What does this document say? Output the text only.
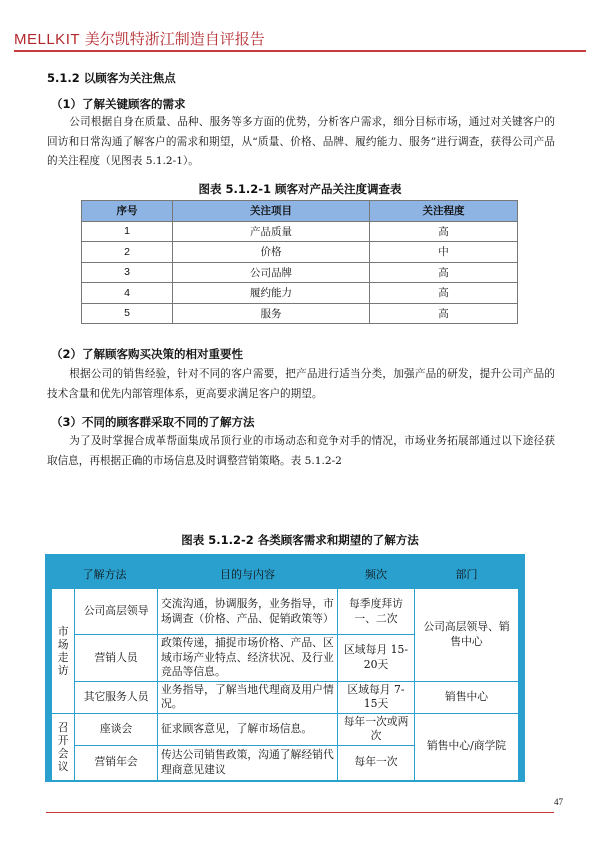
MELLKIT 美尔凯特浙江制造自评报告
5.1.2 以顾客为关注焦点
（1）了解关键顾客的需求
公司根据自身在质量、品种、服务等多方面的优势，分析客户需求，细分目标市场，通过对关键客户的回访和日常沟通了解客户的需求和期望，从“质量、价格、品牌、履约能力、服务”进行调查，获得公司产品的关注程度（见图表 5.1.2-1）。
图表 5.1.2-1 顾客对产品关注度调查表
序号	关注项目	关注程度
1	产品质量	高
2	价格	中
3	公司品牌	高
4	履约能力	高
5	服务	高
（2）了解顾客购买决策的相对重要性
根据公司的销售经验，针对不同的客户需要，把产品进行适当分类，加强产品的研发，提升公司产品的技术含量和优先内部管理体系，更高要求满足客户的期望。
（3）不同的顾客群采取不同的了解方法
为了及时掌握合成革帮面集成吊顶行业的市场动态和竞争对手的情况，市场业务拓展部通过以下途径获取信息，再根据正确的市场信息及时调整营销策略。表 5.1.2-2
图表 5.1.2-2 各类顾客需求和期望的了解方法
了解方法		目的与内容	频次	部门

市场走访	公司高层领导	交流沟通，协调服务，业务指导，市场调查（价格、产品、促销政策等）	每季度拜访一、二次	公司高层领导、销售中心
	营销人员	政策传递，捕捉市场价格、产品、区域市场产业特点、经济状况、及行业竞品等信息。	区域每月 15-20天	
	其它服务人员	业务指导，了解当地代理商及用户情况。	区域每月 7-15天	销售中心

召开会议	座谈会	征求顾客意见，了解市场信息。	每年一次或两次	销售中心/商学院
	营销年会	传达公司销售政策，沟通了解经销代理商意见建议	每年一次	
47
